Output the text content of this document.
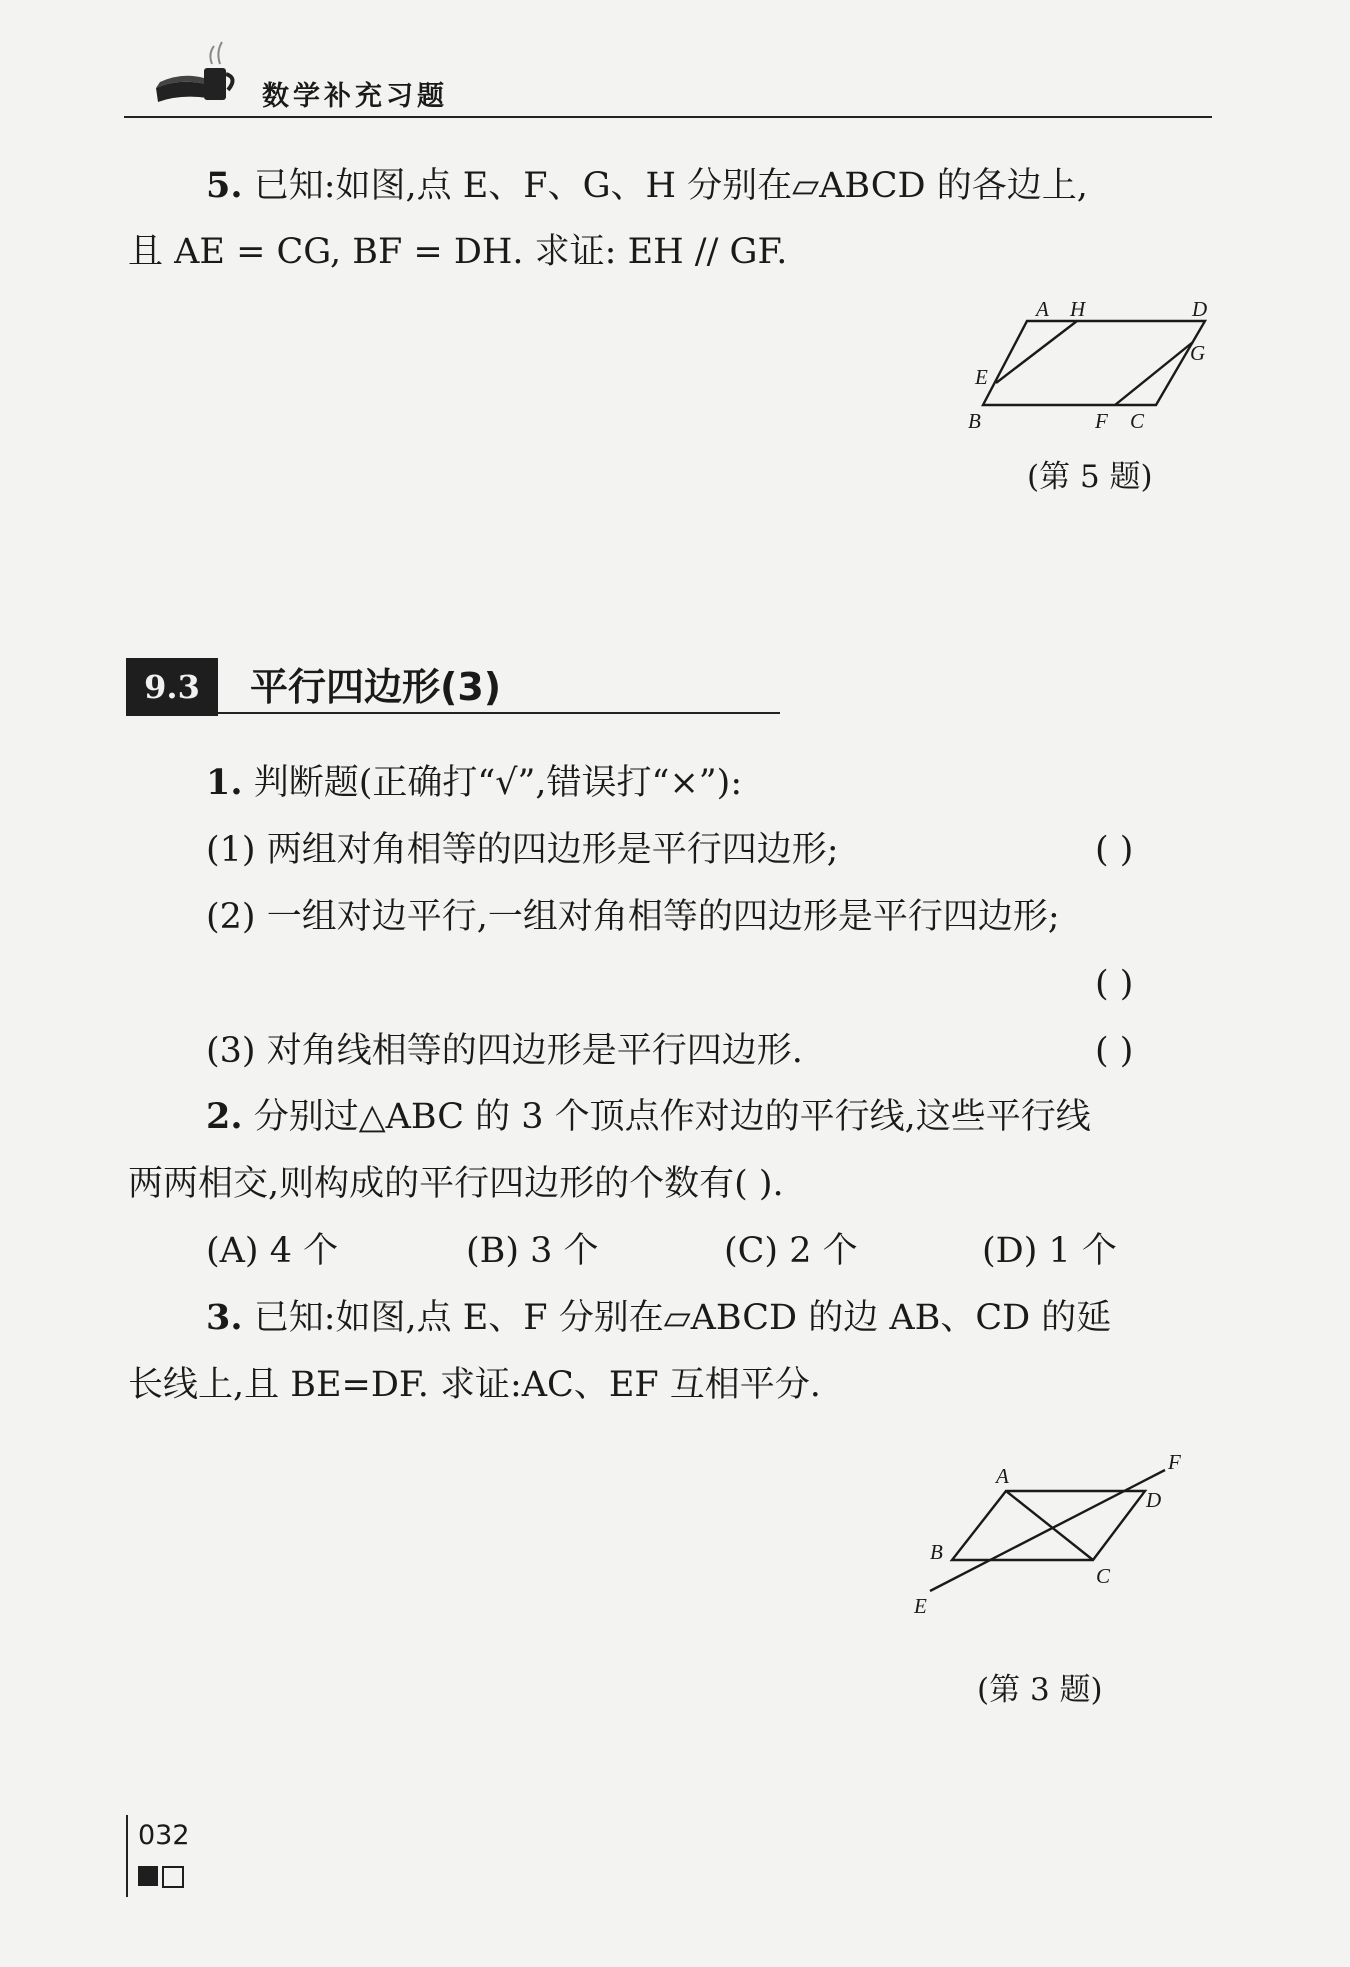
数学补充习题
5. 已知:如图,点 E、F、G、H 分别在▱ABCD 的各边上,
且 AE = CG, BF = DH. 求证: EH // GF.
A H	D
G
E
B	F C
(第 5 题)
9.3	平行四边形(3)
1. 判断题(正确打“√”,错误打“×”):
(1) 两组对角相等的四边形是平行四边形;	( )
(2) 一组对边平行,一组对角相等的四边形是平行四边形;
( )
(3) 对角线相等的四边形是平行四边形.	( )
2. 分别过△ABC 的 3 个顶点作对边的平行线,这些平行线
两两相交,则构成的平行四边形的个数有( ).
(A) 4 个	(B) 3 个	(C) 2 个	(D) 1 个
3. 已知:如图,点 E、F 分别在▱ABCD 的边 AB、CD 的延
长线上,且 BE=DF. 求证:AC、EF 互相平分.
A
F
D
B
C
E
(第 3 题)
032
